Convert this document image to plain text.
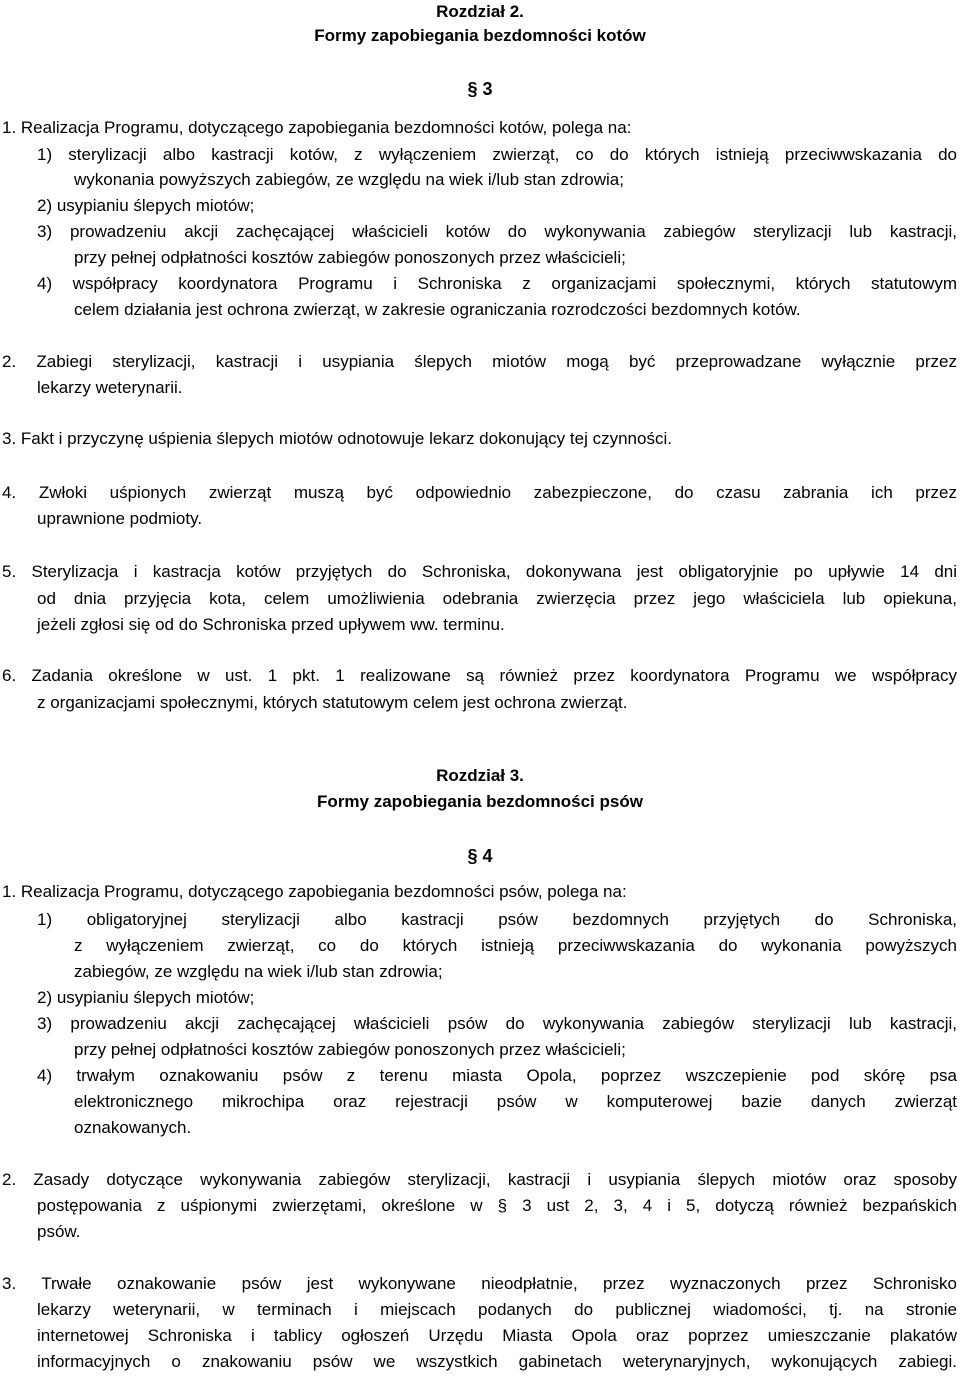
Rozdział 2.
Formy zapobiegania bezdomności kotów
§ 3
1. Realizacja Programu, dotyczącego zapobiegania bezdomności kotów, polega na:
1) sterylizacji albo kastracji kotów, z wyłączeniem zwierząt, co do których istnieją przeciwwskazania do
wykonania powyższych zabiegów, ze względu na wiek i/lub stan zdrowia;
2) usypianiu ślepych miotów;
3) prowadzeniu akcji zachęcającej właścicieli kotów do wykonywania zabiegów sterylizacji lub kastracji,
przy pełnej odpłatności kosztów zabiegów ponoszonych przez właścicieli;
4) współpracy koordynatora Programu i Schroniska z organizacjami społecznymi, których statutowym
celem działania jest ochrona zwierząt, w zakresie ograniczania rozrodczości bezdomnych kotów.
2. Zabiegi sterylizacji, kastracji i usypiania ślepych miotów mogą być przeprowadzane wyłącznie przez
lekarzy weterynarii.
3. Fakt i przyczynę uśpienia ślepych miotów odnotowuje lekarz dokonujący tej czynności.
4. Zwłoki uśpionych zwierząt muszą być odpowiednio zabezpieczone, do czasu zabrania ich przez
uprawnione podmioty.
5. Sterylizacja i kastracja kotów przyjętych do Schroniska, dokonywana jest obligatoryjnie po upływie 14 dni
od dnia przyjęcia kota, celem umożliwienia odebrania zwierzęcia przez jego właściciela lub opiekuna,
jeżeli zgłosi się od do Schroniska przed upływem ww. terminu.
6. Zadania określone w ust. 1 pkt. 1 realizowane są również przez koordynatora Programu we współpracy
z organizacjami społecznymi, których statutowym celem jest ochrona zwierząt.
Rozdział 3.
Formy zapobiegania bezdomności psów
§ 4
1. Realizacja Programu, dotyczącego zapobiegania bezdomności psów, polega na:
1) obligatoryjnej sterylizacji albo kastracji psów bezdomnych przyjętych do Schroniska,
z wyłączeniem zwierząt, co do których istnieją przeciwwskazania do wykonania powyższych
zabiegów, ze względu na wiek i/lub stan zdrowia;
2) usypianiu ślepych miotów;
3) prowadzeniu akcji zachęcającej właścicieli psów do wykonywania zabiegów sterylizacji lub kastracji,
przy pełnej odpłatności kosztów zabiegów ponoszonych przez właścicieli;
4) trwałym oznakowaniu psów z terenu miasta Opola, poprzez wszczepienie pod skórę psa
elektronicznego mikrochipa oraz rejestracji psów w komputerowej bazie danych zwierząt
oznakowanych.
2. Zasady dotyczące wykonywania zabiegów sterylizacji, kastracji i usypiania ślepych miotów oraz sposoby
postępowania z uśpionymi zwierzętami, określone w § 3 ust 2, 3, 4 i 5, dotyczą również bezpańskich
psów.
3. Trwałe oznakowanie psów jest wykonywane nieodpłatnie, przez wyznaczonych przez Schronisko
lekarzy weterynarii, w terminach i miejscach podanych do publicznej wiadomości, tj. na stronie
internetowej Schroniska i tablicy ogłoszeń Urzędu Miasta Opola oraz poprzez umieszczanie plakatów
informacyjnych o znakowaniu psów we wszystkich gabinetach weterynaryjnych, wykonujących zabiegi.
